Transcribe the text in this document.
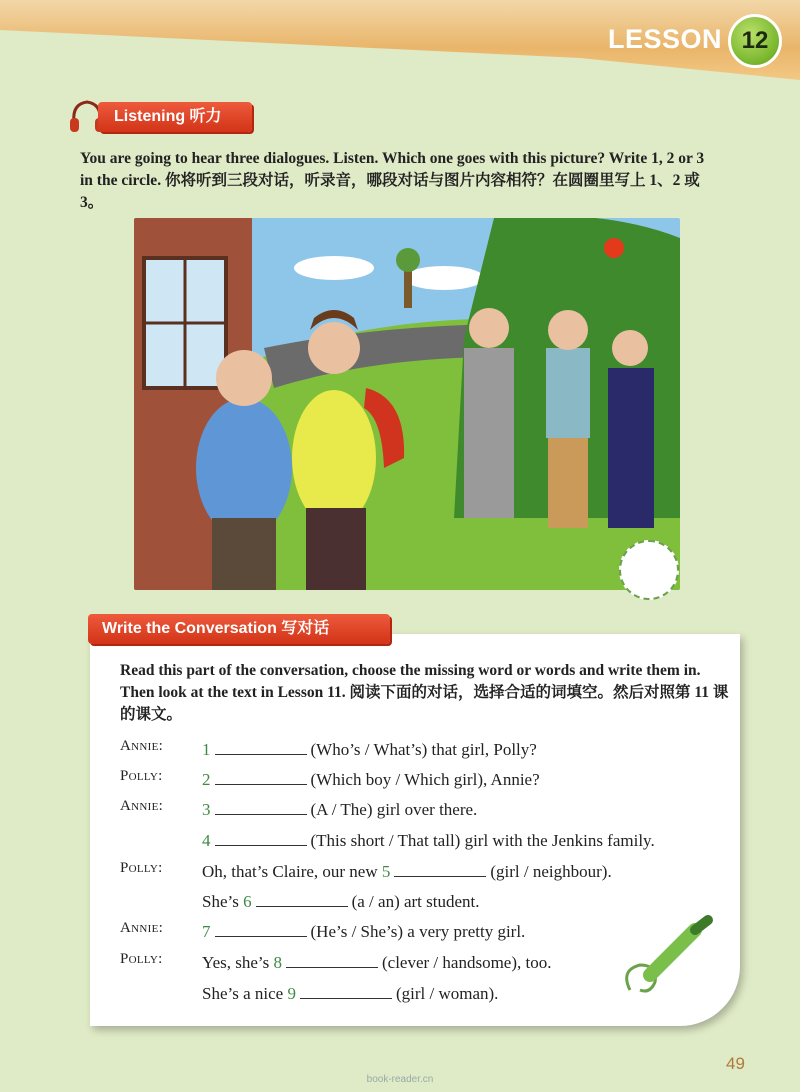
LESSON 12
Listening 听力
You are going to hear three dialogues. Listen. Which one goes with this picture? Write 1, 2 or 3 in the circle. 你将听到三段对话，听录音，哪段对话与图片内容相符？在圆圈里写上 1、2 或 3。
Write the Conversation 写对话
Read this part of the conversation, choose the missing word or words and write them in. Then look at the text in Lesson 11. 阅读下面的对话，选择合适的词填空。然后对照第 11 课的课文。
Annie:	1	(Who’s / What’s) that girl, Polly?
Polly:	2	(Which boy / Which girl), Annie?
Annie:	3	(A / The) girl over there.
4	(This short / That tall) girl with the Jenkins family.
Polly:	Oh, that’s Claire, our new 5	(girl / neighbour).
She’s 6	(a / an) art student.
Annie:	7	(He’s / She’s) a very pretty girl.
Polly:	Yes, she’s 8	(clever / handsome), too.
She’s a nice 9	(girl / woman).
49
book-reader.cn
